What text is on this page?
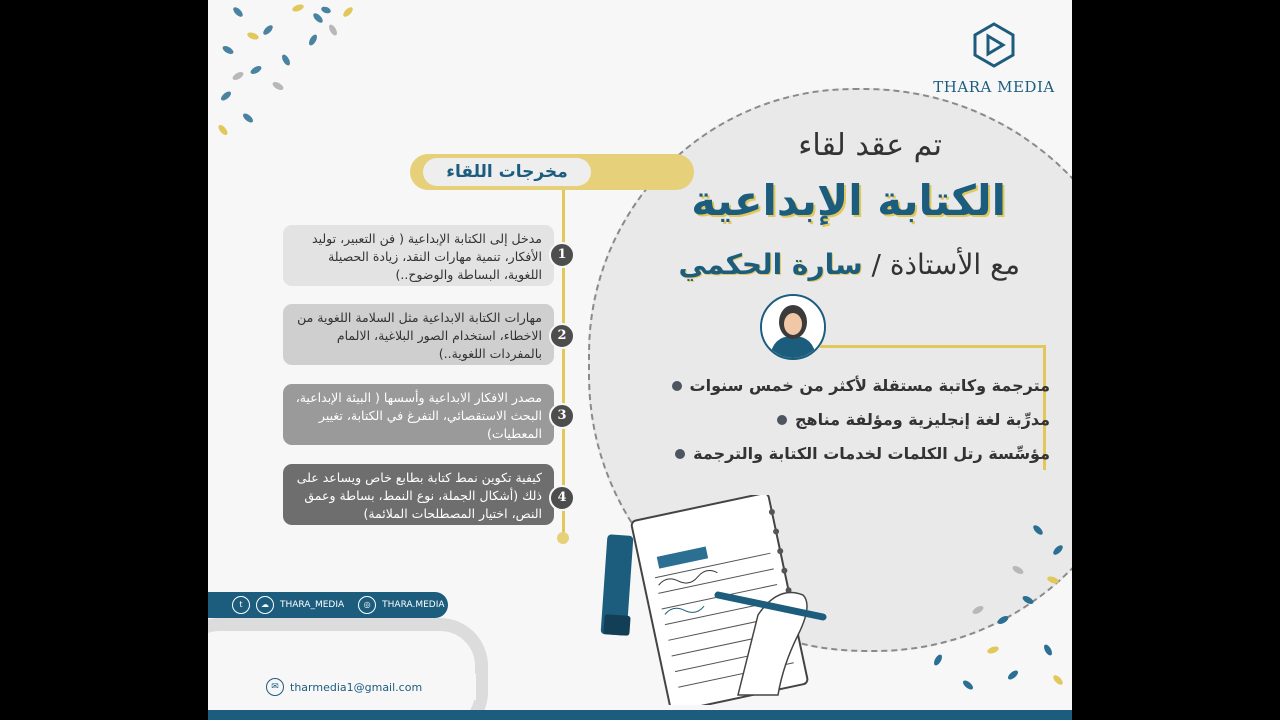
THARA MEDIA
تم عقد لقاء
الكتابة الإبداعية
مع الأستاذة / سارة الحكمي
مترجمة وكاتبة مستقلة لأكثر من خمس سنوات
مدرِّبة لغة إنجليزية ومؤلفة مناهج
مؤسِّسة رتل الكلمات لخدمات الكتابة والترجمة
مخرجات اللقاء
مدخل إلى الكتابة الإبداعية ( فن التعبير، توليد الأفكار، تنمية مهارات النقد، زيادة الحصيلة اللغوية، البساطة والوضوح..)
1
مهارات الكتابة الابداعية مثل السلامة اللغوية من الاخطاء، استخدام الصور البلاغية، الالمام بالمفردات اللغوية..)
2
مصدر الافكار الابداعية وأسسها ( البيئة الإبداعية، البحث الاستقصائي، التفرغ في الكتابة، تغيير المعطيات)
3
كيفية تكوين نمط كتابة بطابع خاص ويساعد على ذلك (أشكال الجملة، نوع النمط، بساطة وعمق النص، اختيار المصطلحات الملائمة)
4
t	☁	THARA_MEDIA	◎	THARA.MEDIA
✉	tharmedia1@gmail.com
